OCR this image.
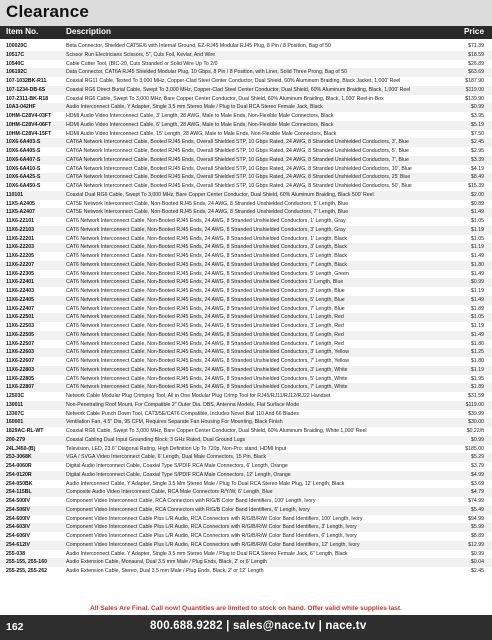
Clearance
Item No.	Description	Price
100020C	Beta Connector, Shielded CAT5E/6 with Internal Ground, EZ-RJ45 Modular RJ45 Plug, 8 Pin / 8 Position, Bag of 50	$71.39
10517C	Scissor Run Electricians Scissors, 5", Cuts Foil, Kevlar, And Wire	$18.59
10540C	Cable Cutter Tool, (BIC-20, Cuts Stranded or Solid Wire Up To 2/0	$26.89
106192C	Data Connector, CAT6A RJ45 Shielded Modular Plug, 10 Gbps, 8 Pin / 8 Position, with Liner, Solid Three Prong, Bag of 50	$63.69
107-1032BK-R11	Coaxial RG11 Cable, Tested To 3,000 MHz, Copper-Clad Steel Center Conductor, Dual Shield, 60% Aluminum Braiding, Black Jacket, 1,000' Reel	$187.90
107-1234-DB-6S	Coaxial RG6 Direct Burial Cable, Swept To 3,000 MHz, Copper-Clad Steel Center Conductor, Dual Shield, 60% Aluminum Braiding, Black, 1,000' Reel	$119.00
107-2311-BK-R18	Coaxial RG6 Cable, Swept To 3,000 MHz, Bare Copper Center Conductor, Dual Shield, 60% Aluminum Braiding, Black, 1,000' Reel-in-Box	$139.90
10A3-042HF	Audio Interconnect Cable, Y Adapter, Single 3.5 mm Stereo Male / Plug to Dual RCA Stereo Female Jack, Black	$0.99
10HM-C28V4-03FT	HDMI Audio Video Interconnect Cable, 3' Length, 28 AWG, Male to Male Ends, Non-Flexible Male Connectors, Black	$3.95
10HM-C28V4-06FT	HDMI Audio Video Interconnect Cable, 6' Length, 28 AWG, Male to Male Ends, Non-Flexible Male Connectors, Black	$5.19
10HM-C28V4-15FT	HDMI Audio Video Interconnect Cable, 15' Length, 28 AWG, Male to Male Ends, Non-Flexible Male Connectors, Black	$7.50
10X6-6A403-S	CAT6A Network Interconnect Cable, Booted RJ45 Ends, Overall Shielded STP, 10 Gbps Rated, 24 AWG, 8 Stranded Unshielded Conductors, 3', Blue	$2.45
10X6-6A405-S	CAT6A Network Interconnect Cable, Booted RJ45 Ends, Overall Shielded STP, 10 Gbps Rated, 24 AWG, 8 Stranded Unshielded Conductors, 5', Blue	$2.95
10X6-6A407-S	CAT6A Network Interconnect Cable, Booted RJ45 Ends, Overall Shielded STP, 10 Gbps Rated, 24 AWG, 8 Stranded Unshielded Conductors, 7', Blue	$3.39
10X6-6A410-S	CAT6A Network Interconnect Cable, Booted RJ45 Ends, Overall Shielded STP, 10 Gbps Rated, 24 AWG, 8 Stranded Unshielded Conductors, 10', Blue	$4.19
10X6-6A425-S	CAT6A Network Interconnect Cable, Booted RJ45 Ends, Overall Shielded STP, 10 Gbps Rated, 24 AWG, 8 Stranded Unshielded Conductors, 25' Blue	$8.49
10X6-6A450-S	CAT6A Network Interconnect Cable, Booted RJ45 Ends, Overall Shielded STP, 10 Gbps Rated, 24 AWG, 8 Stranded Unshielded Conductors, 50', Blue	$15.39
110101	Coaxial Dual RG6 Cable, Swept To 3,000 MHz, Bare Copper Center Conductor, Dual Shield, 60% Aluminum Braiding, Black 500' Reel	$2.00
11X5-A2405	CAT5E Network Interconnect Cable, Non-Booted RJ45 Ends, 24 AWG, 8 Stranded Unshielded Conductors, 5' Length, Blue	$0.89
11X5-A2407	CAT5E Network Interconnect Cable, Non-Booted RJ45 Ends, 24 AWG, 8 Stranded Unshielded Conductors, 7' Length, Blue	$1.49
11X6-22101	CAT6 Network Interconnect Cable, Non-Booted RJ45 Ends, 24 AWG, 8 Stranded Unshielded Conductors, 1' Length, Gray	$1.05
11X6-22103	CAT6 Network Interconnect Cable, Non-Booted RJ45 Ends, 24 AWG, 8 Stranded Unshielded Conductors, 3' Length, Gray	$1.19
11X6-22201	CAT6 Network Interconnect Cable, Non-Booted RJ45 Ends, 24 AWG, 8 Stranded Unshielded Conductors, 1' Length, Black	$1.05
11X6-22203	CAT6 Network Interconnect Cable, Non-Booted RJ45 Ends, 24 AWG, 8 Stranded Unshielded Conductors, 3' Length, Black	$1.19
11X6-22205	CAT6 Network Interconnect Cable, Non-Booted RJ45 Ends, 24 AWG, 8 Stranded Unshielded Conductors, 5' Length, Black	$1.49
11X6-22207	CAT6 Network Interconnect Cable, Non-Booted RJ45 Ends, 24 AWG, 8 Stranded Unshielded Conductors, 7' Length, Black	$1.80
11X6-22305	CAT6 Network Interconnect Cable, Non-Booted RJ45 Ends, 24 AWG, 8 Stranded Unshielded Conductors, 5' Length, Green	$1.49
11X6-22401	CAT6 Network Interconnect Cable, Non-Booted RJ45 Ends, 24 AWG, 8 Stranded Unshielded Conductors 1' Length, Blue	$0.99
11X6-22403	CAT6 Network Interconnect Cable, Non-Booted RJ45 Ends, 24 AWG, 8 Stranded Unshielded Conductors, 3' Length, Blue	$1.19
11X6-22405	CAT6 Network Interconnect Cable, Non-Booted RJ45 Ends, 24 AWG, 8 Stranded Unshielded Conductors, 5' Length, Blue	$1.49
11X6-22407	CAT6 Network Interconnect Cable, Non-Booted RJ45 Ends, 24 AWG, 8 Stranded Unshielded Conductors, 7' Length, Blue	$1.89
11X6-22501	CAT6 Network Interconnect Cable, Non-Booted RJ45 Ends, 24 AWG, 8 Stranded Unshielded Conductors, 1' Length, Red	$1.05
11X6-22503	CAT6 Network Interconnect Cable, Non-Booted RJ45 Ends, 24 AWG, 8 Stranded Unshielded Conductors, 3' Length, Red	$1.19
11X6-22505	CAT6 Network Interconnect Cable, Non-Booted RJ45 Ends, 24 AWG, 8 Stranded Unshielded Conductors, 5' Length, Red	$1.49
11X6-22507	CAT6 Network Interconnect Cable, Non-Booted RJ45 Ends, 24 AWG, 8 Stranded Unshielded Conductors, 7' Length, Red	$1.80
11X6-22603	CAT6 Network Interconnect Cable, Non-Booted RJ45 Ends, 24 AWG, 8 Stranded Unshielded Conductors, 3' Length, Yellow	$1.25
11X6-22607	CAT6 Network Interconnect Cable, Non-Booted RJ45 Ends, 24 AWG, 8 Stranded Unshielded Conductors, 7' Length, Yellow	$1.80
11X6-22803	CAT6 Network Interconnect Cable, Non-Booted RJ45 Ends, 24 AWG, 8 Stranded Unshielded Conductors, 3' Length, White	$1.19
11X6-22805	CAT6 Network Interconnect Cable, Non-Booted RJ45 Ends, 24 AWG, 8 Stranded Unshielded Conductors, 5' Length, White	$1.95
11X6-22807	CAT6 Network Interconnect Cable, Non-Booted RJ45 Ends, 24 AWG, 8 Stranded Unshielded Conductors, 7' Length, White	$1.89
12503C	Network Cable Modular Plug Crimping Tool, All in One Modular Plug Crimp Tool for RJ45/RJ11/RJ12/RJ22 Handset	$31.59
130011	Non-Penetrating Roof Mount, For Compatible 2" Outer Dia. DBS, Antenna Models, Flat Surface Mode	$119.00
13307C	Network Cable Punch Down Tool, CAT3/5E/CAT6 Compatible, Includes Novel Bail 110 And 66 Blades	$39.99
160001	Ventilation Fan, 4.5" Dia, 95 CFM, Requires Separate Fan Housing For Mounting, Black Finish	$30.00
1829AC-RL-WT	Coaxial RG6 Cable, Swept To 3,000 MHz, Bare Copper Center Conductor, Dual Shield, 60% Aluminum Braiding, White 1,000' Reel	$0.22/ft
200-279	Coaxial Cabling Dual Input Grounding Block; 3 GHz Rated, Dual Ground Lugs	$0.99
24LJ450-(B)	Television, LED, 23.6" Diagonal Rating, High Definition Up To 720p, Non-Pro: stand, HDMI Input	$185.00
253-3068K	VGA / SVGA Video Interconnect Cable, 6' Length, Dual Male Connectors, 15 Pin, Black	$5.29
254-0060R	Digital Audio Interconnect Cable, Coaxial Type S/PDIF RCA Male Connectors, 6' Length, Orange	$3.79
254-0120R	Digital Audio Interconnect Cable, Coaxial Type S/PDIF RCA Male Connectors, 12' Length, Orange	$4.99
254-050BK	Audio Interconnect Cable, Y Adapter, Single 3.5 Mm Stereo Male / Plug To Dual RCA Stereo Male Plug, 12' Length, Black	$3.69
254-115BL	Composite Audio Video Interconnect Cable, RCA Male Connectors R/Y/W, 6' Length, Blue	$4.79
254-500IV	Component Video Interconnect Cable, RCA Connectors with R/G/B Color Band Identifiers, 100' Length, Ivory	$74.99
254-506IV	Component Video Interconnect Cable, RCA Connectors with R/G/B Color Band Identifiers, 6' Length, Ivory	$5.49
254-600IV	Component Video Interconnect Cable Plus L/R Audio, RCA Connectors with R/G/B/R/W Color Band Identifiers, 100' Length, Ivory	$94.99
254-603IV	Component Video Interconnect Cable Plus L/R Audio, RCA Connectors with R/G/B/R/W Color Band Identifiers, 3' Length, Ivory	$5.99
254-606IV	Component Video Interconnect Cable Plus L/R Audio, RCA Connectors with R/G/B/R/W Color Band Identifiers, 6' Length, Ivory	$8.89
254-612IV	Component Video Interconnect Cable Plus L/R Audio, RCA Connectors with R/G/B/R/W Color Band Identifiers, 12' Length, Ivory	$12.99
255-038	Audio Interconnect Cable, Y Adapter, Single 3.5 mm Stereo Male / Plug to Dual RCA Stereo Female Jack, 6" Length, Black	$0.99
255-155, 255-160	Audio Extension Cable, Monaural, Dual 3.5 mm Male / Plug Ends, Black, 2' or 6' Length	$0.04
255-255, 255-262	Audio Extension Cable, Stereo, Dual 3.5 mm Male / Plug Ends, Black, 2' or 12' Length	$2.45
All Sales Are Final. Call now! Quantities are limited to stock on hand. Offer valid while supplies last.
162	800.688.9282 | sales@nace.tv | nace.tv
